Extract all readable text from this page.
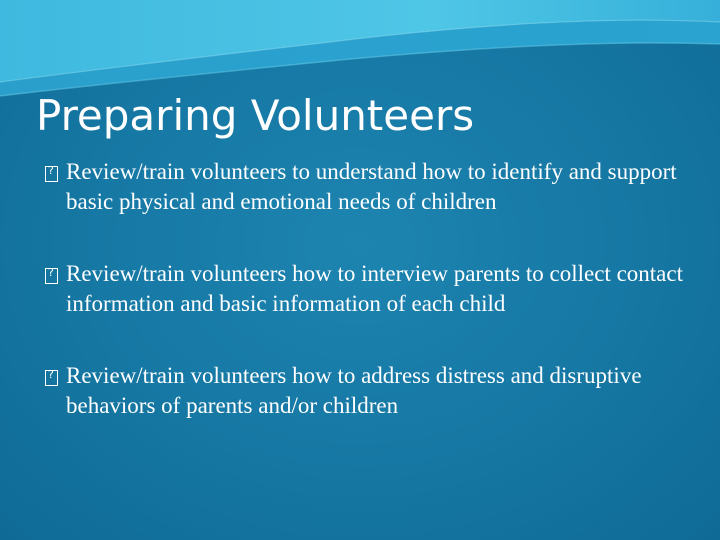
Preparing Volunteers
?
Review/train volunteers to understand how to identify and support basic physical and emotional needs of children
?
Review/train volunteers how to interview parents to collect contact information and basic information of each child
?
Review/train volunteers how to address distress and disruptive behaviors of parents and/or children
